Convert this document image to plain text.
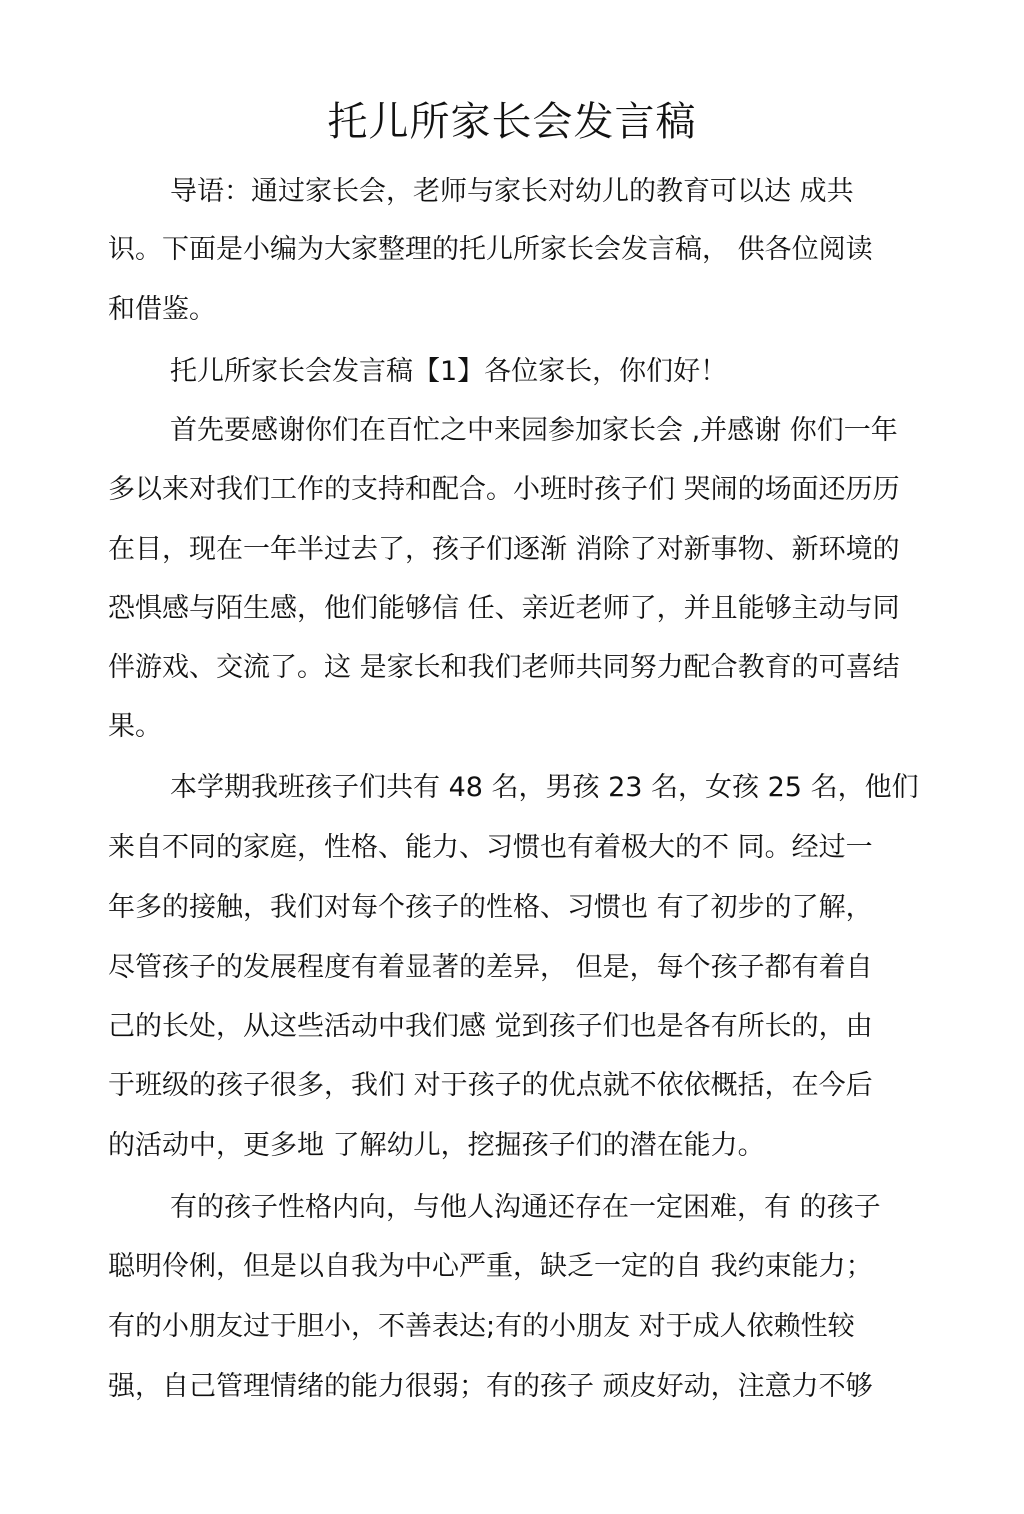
托儿所家长会发言稿
导语：通过家长会，老师与家长对幼儿的教育可以达 成共
识。下面是小编为大家整理的托儿所家长会发言稿， 供各位阅读
和借鉴。
托儿所家长会发言稿【1】各位家长，你们好！
首先要感谢你们在百忙之中来园参加家长会 ,并感谢 你们一年
多以来对我们工作的支持和配合。小班时孩子们 哭闹的场面还历历
在目，现在一年半过去了，孩子们逐渐 消除了对新事物、新环境的
恐惧感与陌生感，他们能够信 任、亲近老师了，并且能够主动与同
伴游戏、交流了。这 是家长和我们老师共同努力配合教育的可喜结
果。
本学期我班孩子们共有 48 名，男孩 23 名，女孩 25 名，他们
来自不同的家庭，性格、能力、习惯也有着极大的不 同。经过一
年多的接触，我们对每个孩子的性格、习惯也 有了初步的了解，
尽管孩子的发展程度有着显著的差异， 但是，每个孩子都有着自
己的长处，从这些活动中我们感 觉到孩子们也是各有所长的，由
于班级的孩子很多，我们 对于孩子的优点就不依依概括，在今后
的活动中，更多地 了解幼儿，挖掘孩子们的潜在能力。
有的孩子性格内向，与他人沟通还存在一定困难，有 的孩子
聪明伶俐，但是以自我为中心严重，缺乏一定的自 我约束能力；
有的小朋友过于胆小，不善表达;有的小朋友 对于成人依赖性较
强，自己管理情绪的能力很弱；有的孩子 顽皮好动，注意力不够
